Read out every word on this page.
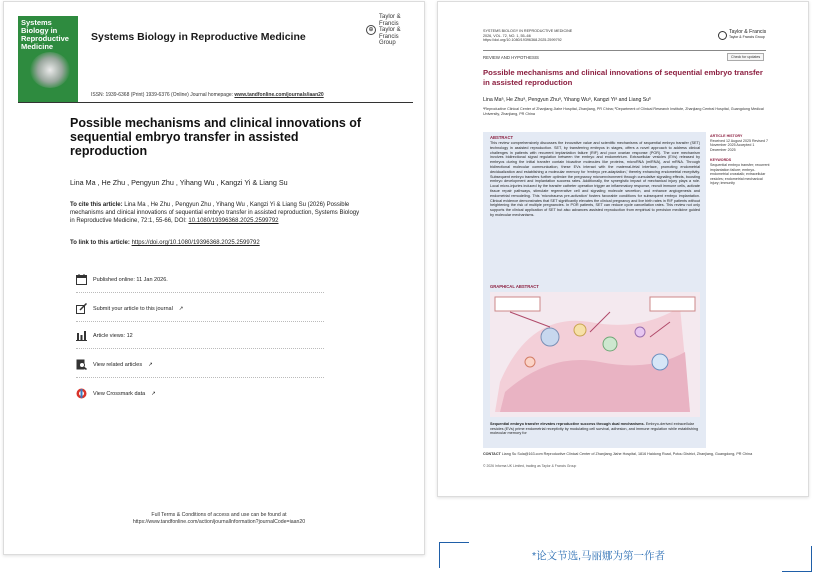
Systems Biology in Reproductive Medicine
Systems Biology in Reproductive Medicine
⊕
Taylor & Francis
Taylor & Francis Group
ISSN: 1939-6368 (Print) 1939-6376 (Online) Journal homepage: www.tandfonline.com/journals/iaan20
Possible mechanisms and clinical innovations of sequential embryo transfer in assisted reproduction
Lina Ma , He Zhu , Pengyun Zhu , Yihang Wu , Kangzi Yi & Liang Su
To cite this article: Lina Ma , He Zhu , Pengyun Zhu , Yihang Wu , Kangzi Yi & Liang Su (2026) Possible mechanisms and clinical innovations of sequential embryo transfer in assisted reproduction, Systems Biology in Reproductive Medicine, 72:1, 55-66, DOI: 10.1080/19396368.2025.2599792
To link to this article: https://doi.org/10.1080/19396368.2025.2599792
Published online: 11 Jan 2026.
Submit your article to this journal ↗
Article views: 12
View related articles ↗
View Crossmark data ↗
Full Terms & Conditions of access and use can be found at
https://www.tandfonline.com/action/journalInformation?journalCode=iaan20
SYSTEMS BIOLOGY IN REPRODUCTIVE MEDICINE
2026, VOL. 72, NO. 1, 55–66
https://doi.org/10.1080/19396368.2025.2599792
Taylor & Francis
Taylor & Francis Group
REVIEW AND HYPOTHESIS	Check for updates
Possible mechanisms and clinical innovations of sequential embryo transfer in assisted reproduction
Lina Maᵃ, He Zhuᵃ, Pengyun Zhuᵃ, Yihang Wuᵃ, Kangzi Yiᵃ and Liang Suᵇ
ᵃReproductive Clinical Center of Zhanjiang Jiahe Hospital, Zhanjiang, PR China; ᵇDepartment of Clinical Research Institute, Zhanjiang Central Hospital, Guangdong Medical University, Zhanjiang, PR China
ABSTRACT
This review comprehensively discusses the innovative value and scientific mechanisms of sequential embryo transfer (SET) technology in assisted reproduction. SET, by transferring embryos in stages, offers a novel approach to address clinical challenges in patients with recurrent implantation failure (RIF) and poor ovarian response (POR). The core mechanism involves bidirectional signal regulation between the embryo and endometrium. Extracellular vesicles (EVs) released by embryos during the initial transfer contain bioactive molecules like proteins, microRNA (miRNA), and mRNA. Through bidirectional molecular communication, these EVs interact with the maternal-fetal interface, promoting endometrial decidualization and establishing a molecular memory for 'embryo pre-adaptation,' thereby enhancing endometrial receptivity. Subsequent embryo transfers further optimize the pregnancy microenvironment through cumulative signaling effects, boosting embryo development and implantation success rates. Additionally, the synergistic impact of mechanical injury plays a role. Local micro-injuries induced by the transfer catheter operation trigger an inflammatory response, recruit immune cells, activate tissue repair pathways, stimulate regenerative cell and signaling molecule secretion, and enhance angiogenesis and endometrial remodeling. This 'microtrauma pre-activation' fosters favorable conditions for subsequent embryo implantation. Clinical evidence demonstrates that SET significantly elevates the clinical pregnancy and live birth rates in RIF patients without heightening the risk of multiple pregnancies. In POR patients, SET can reduce cycle cancellation rates. This review not only supports the clinical application of SET but also advances assisted reproduction from empirical to precision medicine guided by molecular mechanisms.
GRAPHICAL ABSTRACT
Sequential embryo transfer elevates reproductive success through dual mechanisms. Embryo-derived extracellular vesicles (EVs) prime endometrial receptivity by modulating cell survival, adhesion, and immune regulation while establishing molecular memory for
ARTICLE HISTORY
Received 12 August 2025 Revised 7 November 2025 Accepted 1 December 2025
KEYWORDS
Sequential embryo transfer; recurrent implantation failure; embryo-endometrial crosstalk; extracellular vesicles; endometrial mechanical injury; immunity
CONTACT Liang Su Sula@163.com Reproductive Clinical Center of Zhanjiang Jiahe Hospital, 1816 Haidong Road, Potou District, Zhanjiang, Guangdong, PR China
© 2026 Informa UK Limited, trading as Taylor & Francis Group
*论文节选,马丽娜为第一作者
